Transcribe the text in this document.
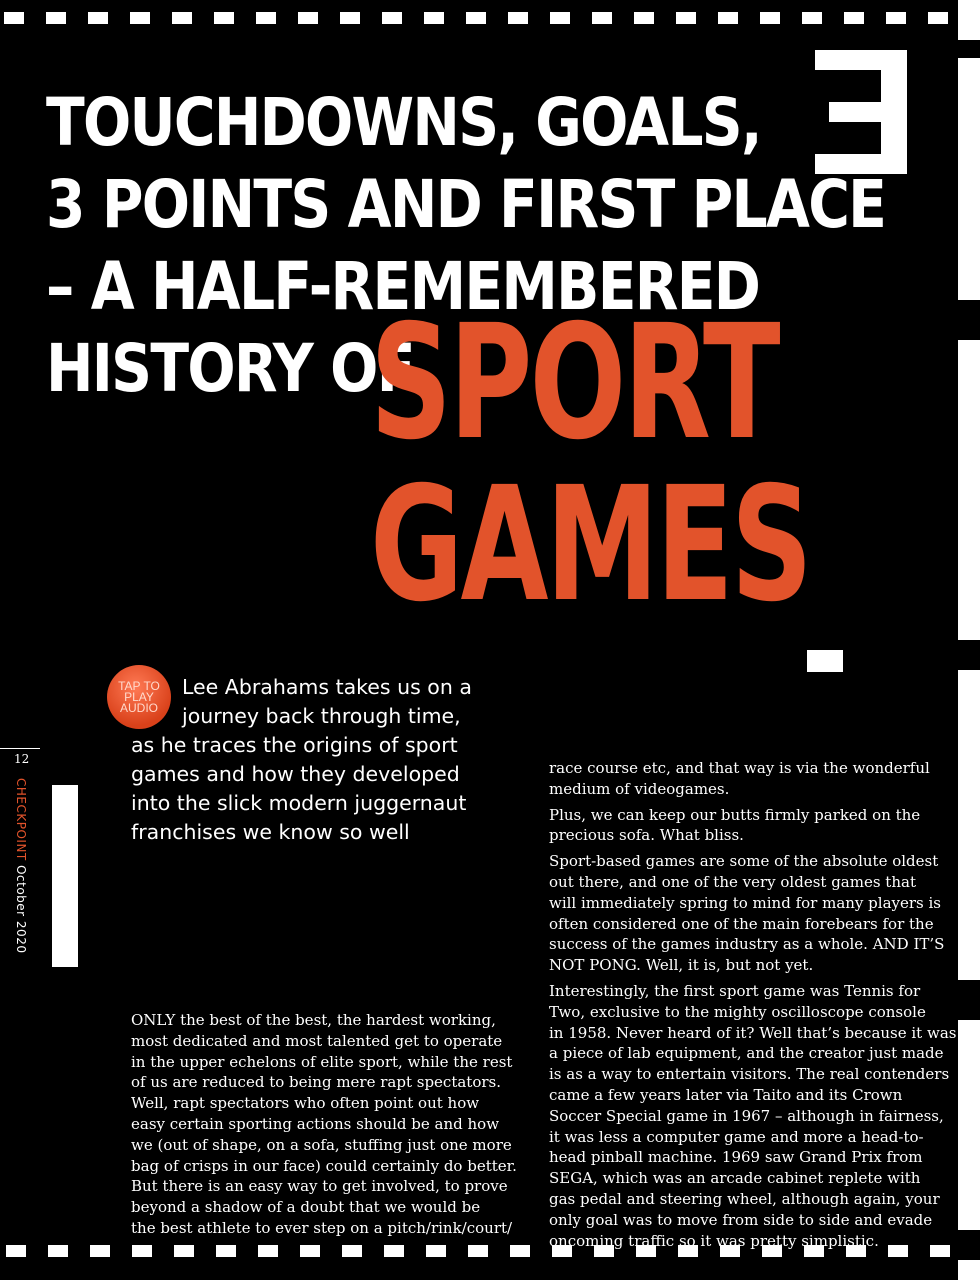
TOUCHDOWNS, GOALS,
3 POINTS AND FIRST PLACE
– A HALF-REMEMBERED
HISTORY OF
SPORT
GAMES
TAP TO
PLAY
AUDIO
Lee Abrahams takes us on a
journey back through time,
as he traces the origins of sport
games and how they developed
into the slick modern juggernaut
franchises we know so well
12
CHECKPOINT October 2020

ONLY the best of the best, the hardest working,
most dedicated and most talented get to operate
in the upper echelons of elite sport, while the rest
of us are reduced to being mere rapt spectators.
Well, rapt spectators who often point out how
easy certain sporting actions should be and how
we (out of shape, on a sofa, stuffing just one more
bag of crisps in our face) could certainly do better.
But there is an easy way to get involved, to prove
beyond a shadow of a doubt that we would be
the best athlete to ever step on a pitch/rink/court/

race course etc, and that way is via the wonderful
medium of videogames.

Plus, we can keep our butts firmly parked on the
precious sofa. What bliss.

Sport-based games are some of the absolute oldest
out there, and one of the very oldest games that
will immediately spring to mind for many players is
often considered one of the main forebears for the
success of the games industry as a whole. AND IT’S
NOT PONG. Well, it is, but not yet.

Interestingly, the first sport game was Tennis for
Two, exclusive to the mighty oscilloscope console
in 1958. Never heard of it? Well that’s because it was
a piece of lab equipment, and the creator just made
is as a way to entertain visitors. The real contenders
came a few years later via Taito and its Crown
Soccer Special game in 1967 – although in fairness,
it was less a computer game and more a head-to-
head pinball machine. 1969 saw Grand Prix from
SEGA, which was an arcade cabinet replete with
gas pedal and steering wheel, although again, your
only goal was to move from side to side and evade
oncoming traffic so it was pretty simplistic.
